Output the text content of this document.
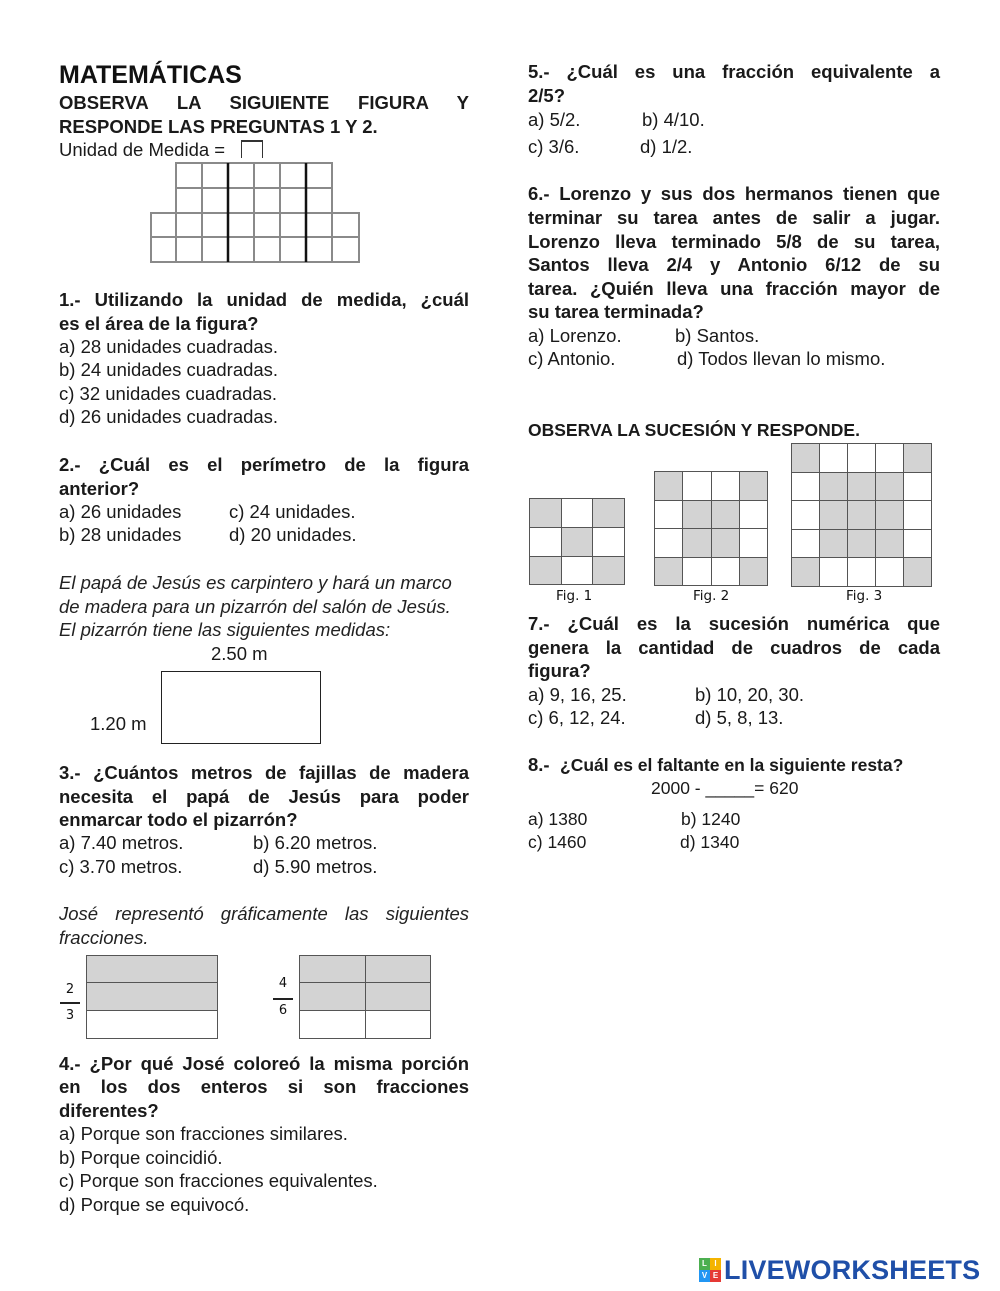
MATEMÁTICAS
OBSERVA LA SIGUIENTE FIGURA Y
RESPONDE LAS PREGUNTAS 1 Y 2.
Unidad de Medida =
1.- Utilizando la unidad de medida, ¿cuál
es el área de la figura?
a) 28 unidades cuadradas.
b) 24 unidades cuadradas.
c) 32 unidades cuadradas.
d) 26 unidades cuadradas.
2.- ¿Cuál es el perímetro de la figura
anterior?
a) 26 unidades	c) 24 unidades.
b) 28 unidades	d) 20 unidades.
El papá de Jesús es carpintero y hará un marco
de madera para un pizarrón del salón de Jesús.
El pizarrón tiene las siguientes medidas:
2.50 m
1.20 m
3.- ¿Cuántos metros de fajillas de madera
necesita el papá de Jesús para poder
enmarcar todo el pizarrón?
a) 7.40 metros.	b) 6.20 metros.
c) 3.70 metros.	d) 5.90 metros.
José representó gráficamente las siguientes
fracciones.
2
3
4
6
4.- ¿Por qué José coloreó la misma porción
en los dos enteros si son fracciones
diferentes?
a) Porque son fracciones similares.
b) Porque coincidió.
c) Porque son fracciones equivalentes.
d) Porque se equivocó.
5.- ¿Cuál es una fracción equivalente a
2/5?
a) 5/2.	b) 4/10.
c) 3/6.	d) 1/2.
6.- Lorenzo y sus dos hermanos tienen que
terminar su tarea antes de salir a jugar.
Lorenzo lleva terminado 5/8 de su tarea,
Santos lleva 2/4 y Antonio 6/12 de su
tarea. ¿Quién lleva una fracción mayor de
su tarea terminada?
a) Lorenzo.	b) Santos.
c) Antonio.	d) Todos llevan lo mismo.
OBSERVA LA SUCESIÓN Y RESPONDE.
Fig. 1	Fig. 2	Fig. 3
7.- ¿Cuál es la sucesión numérica que
genera la cantidad de cuadros de cada
figura?
a) 9, 16, 25.	b) 10, 20, 30.
c) 6, 12, 24.	d) 5, 8, 13.
8.- ¿Cuál es el faltante en la siguiente resta?
2000 - _____= 620
a) 1380	b) 1240
c) 1460	d) 1340
L I
V E LIVEWORKSHEETS
